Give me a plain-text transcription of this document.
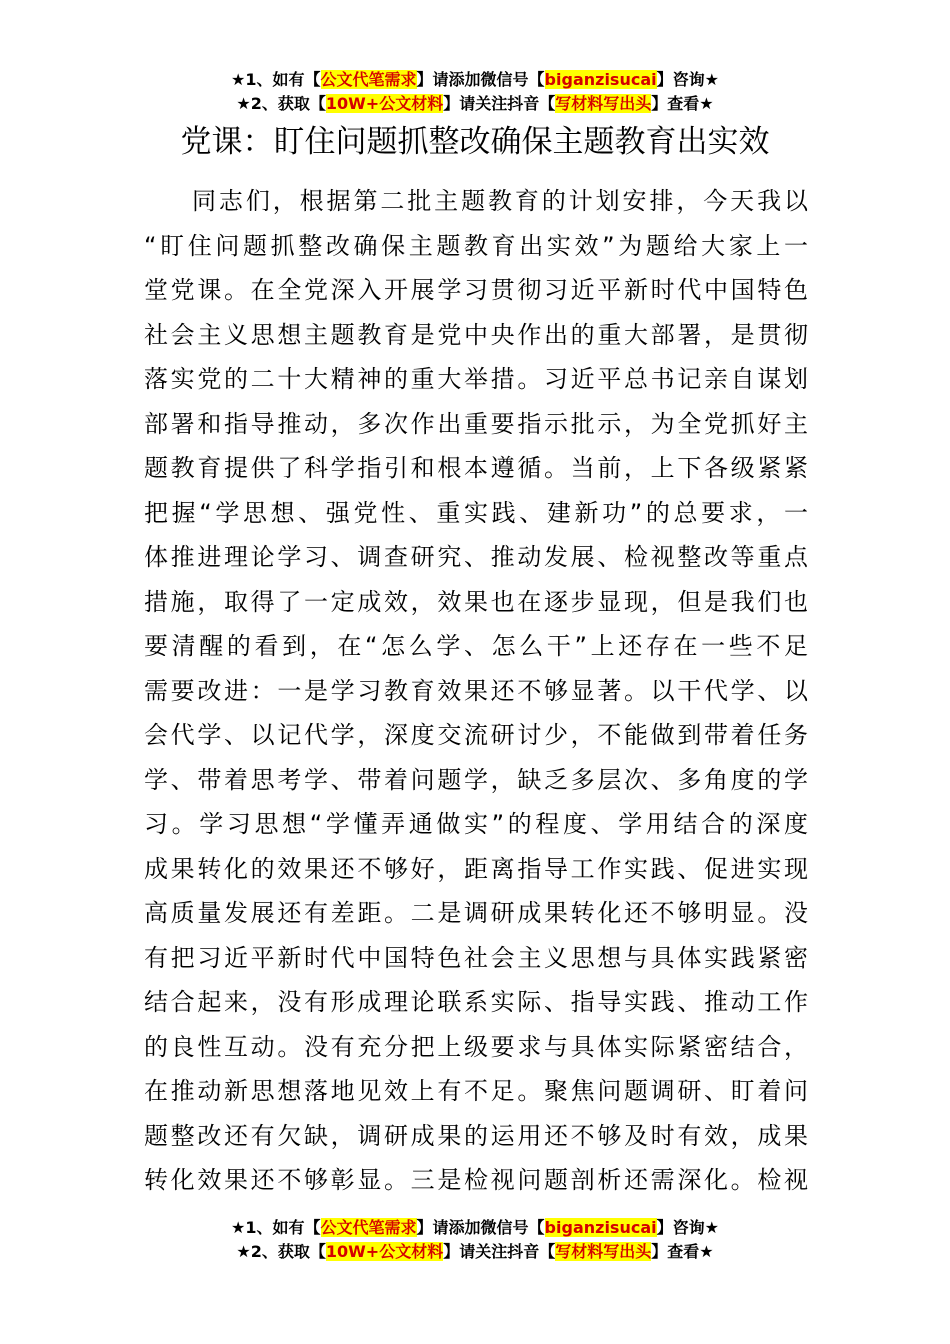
★1、如有【公文代笔需求】请添加微信号【biganzisucai】咨询★
★2、获取【10W+公文材料】请关注抖音【写材料写出头】查看★
党课：盯住问题抓整改确保主题教育出实效
同志们，根据第二批主题教育的计划安排，今天我以
“盯住问题抓整改确保主题教育出实效”为题给大家上一
堂党课。在全党深入开展学习贯彻习近平新时代中国特色
社会主义思想主题教育是党中央作出的重大部署，是贯彻
落实党的二十大精神的重大举措。习近平总书记亲自谋划
部署和指导推动，多次作出重要指示批示，为全党抓好主
题教育提供了科学指引和根本遵循。当前，上下各级紧紧
把握“学思想、强党性、重实践、建新功”的总要求，一
体推进理论学习、调查研究、推动发展、检视整改等重点
措施，取得了一定成效，效果也在逐步显现，但是我们也
要清醒的看到，在“怎么学、怎么干”上还存在一些不足
需要改进：一是学习教育效果还不够显著。以干代学、以
会代学、以记代学，深度交流研讨少，不能做到带着任务
学、带着思考学、带着问题学，缺乏多层次、多角度的学
习。学习思想“学懂弄通做实”的程度、学用结合的深度
成果转化的效果还不够好，距离指导工作实践、促进实现
高质量发展还有差距。二是调研成果转化还不够明显。没
有把习近平新时代中国特色社会主义思想与具体实践紧密
结合起来，没有形成理论联系实际、指导实践、推动工作
的良性互动。没有充分把上级要求与具体实际紧密结合，
在推动新思想落地见效上有不足。聚焦问题调研、盯着问
题整改还有欠缺，调研成果的运用还不够及时有效，成果
转化效果还不够彰显。三是检视问题剖析还需深化。检视
★1、如有【公文代笔需求】请添加微信号【biganzisucai】咨询★
★2、获取【10W+公文材料】请关注抖音【写材料写出头】查看★
